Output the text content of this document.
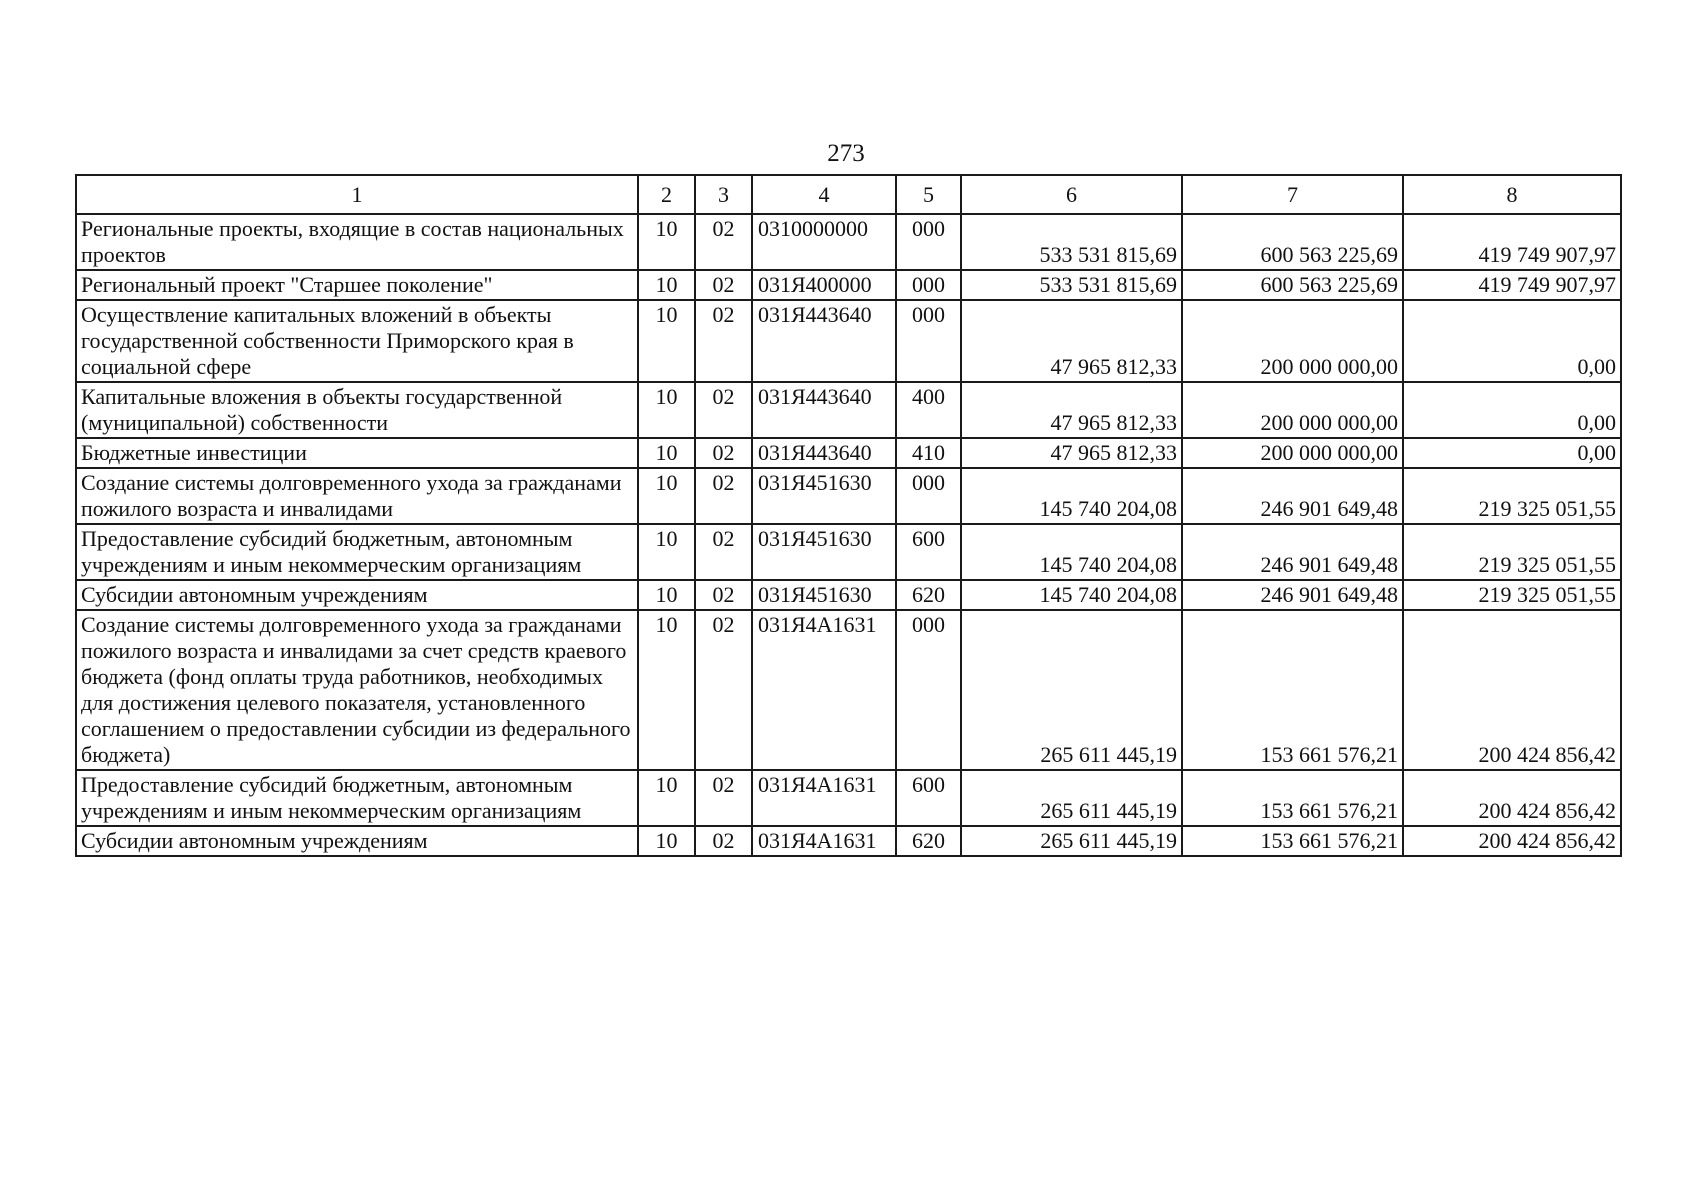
273
1	2	3	4	5	6	7	8
Региональные проекты, входящие в состав национальных проектов	10	02	0310000000	000	533 531 815,69	600 563 225,69	419 749 907,97
Региональный проект "Старшее поколение"	10	02	031Я400000	000	533 531 815,69	600 563 225,69	419 749 907,97
Осуществление капитальных вложений в объекты государственной собственности Приморского края в социальной сфере	10	02	031Я443640	000	47 965 812,33	200 000 000,00	0,00
Капитальные вложения в объекты государственной (муниципальной) собственности	10	02	031Я443640	400	47 965 812,33	200 000 000,00	0,00
Бюджетные инвестиции	10	02	031Я443640	410	47 965 812,33	200 000 000,00	0,00
Создание системы долговременного ухода за гражданами пожилого возраста и инвалидами	10	02	031Я451630	000	145 740 204,08	246 901 649,48	219 325 051,55
Предоставление субсидий бюджетным, автономным учреждениям и иным некоммерческим организациям	10	02	031Я451630	600	145 740 204,08	246 901 649,48	219 325 051,55
Субсидии автономным учреждениям	10	02	031Я451630	620	145 740 204,08	246 901 649,48	219 325 051,55
Создание системы долговременного ухода за гражданами пожилого возраста и инвалидами за счет средств краевого бюджета (фонд оплаты труда работников, необходимых для достижения целевого показателя, установленного соглашением о предоставлении субсидии из федерального бюджета)	10	02	031Я4А1631	000	265 611 445,19	153 661 576,21	200 424 856,42
Предоставление субсидий бюджетным, автономным учреждениям и иным некоммерческим организациям	10	02	031Я4А1631	600	265 611 445,19	153 661 576,21	200 424 856,42
Субсидии автономным учреждениям	10	02	031Я4А1631	620	265 611 445,19	153 661 576,21	200 424 856,42
